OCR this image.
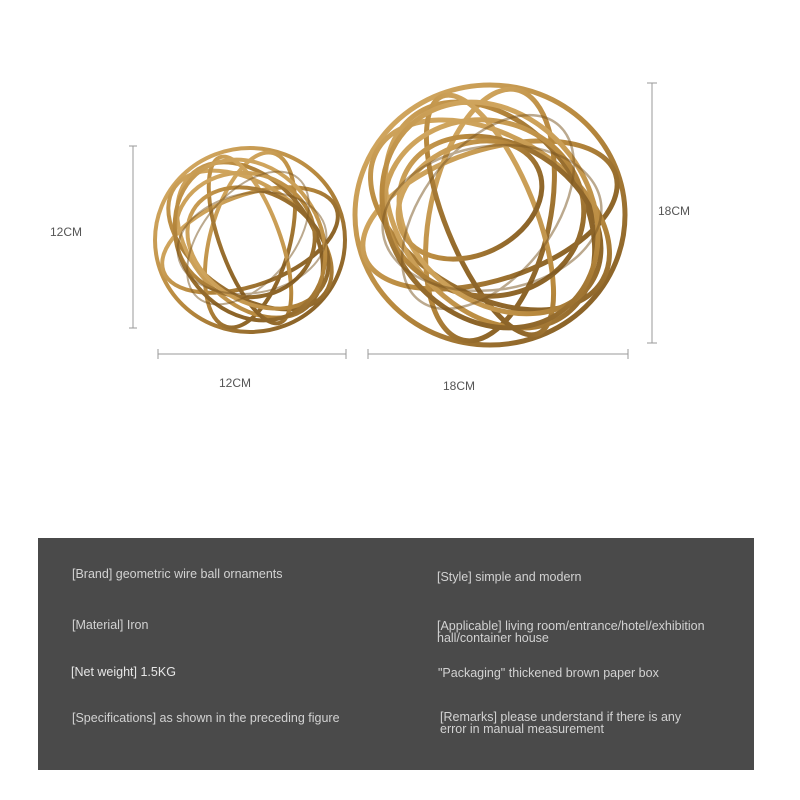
12CM
12CM
18CM
18CM
[Brand] geometric wire ball ornaments	[Style] simple and modern
[Material] Iron	[Applicable] living room/entrance/hotel/exhibition hall/container house
[Net weight] 1.5KG	"Packaging" thickened brown paper box
[Specifications] as shown in the preceding figure	[Remarks] please understand if there is any error in manual measurement
